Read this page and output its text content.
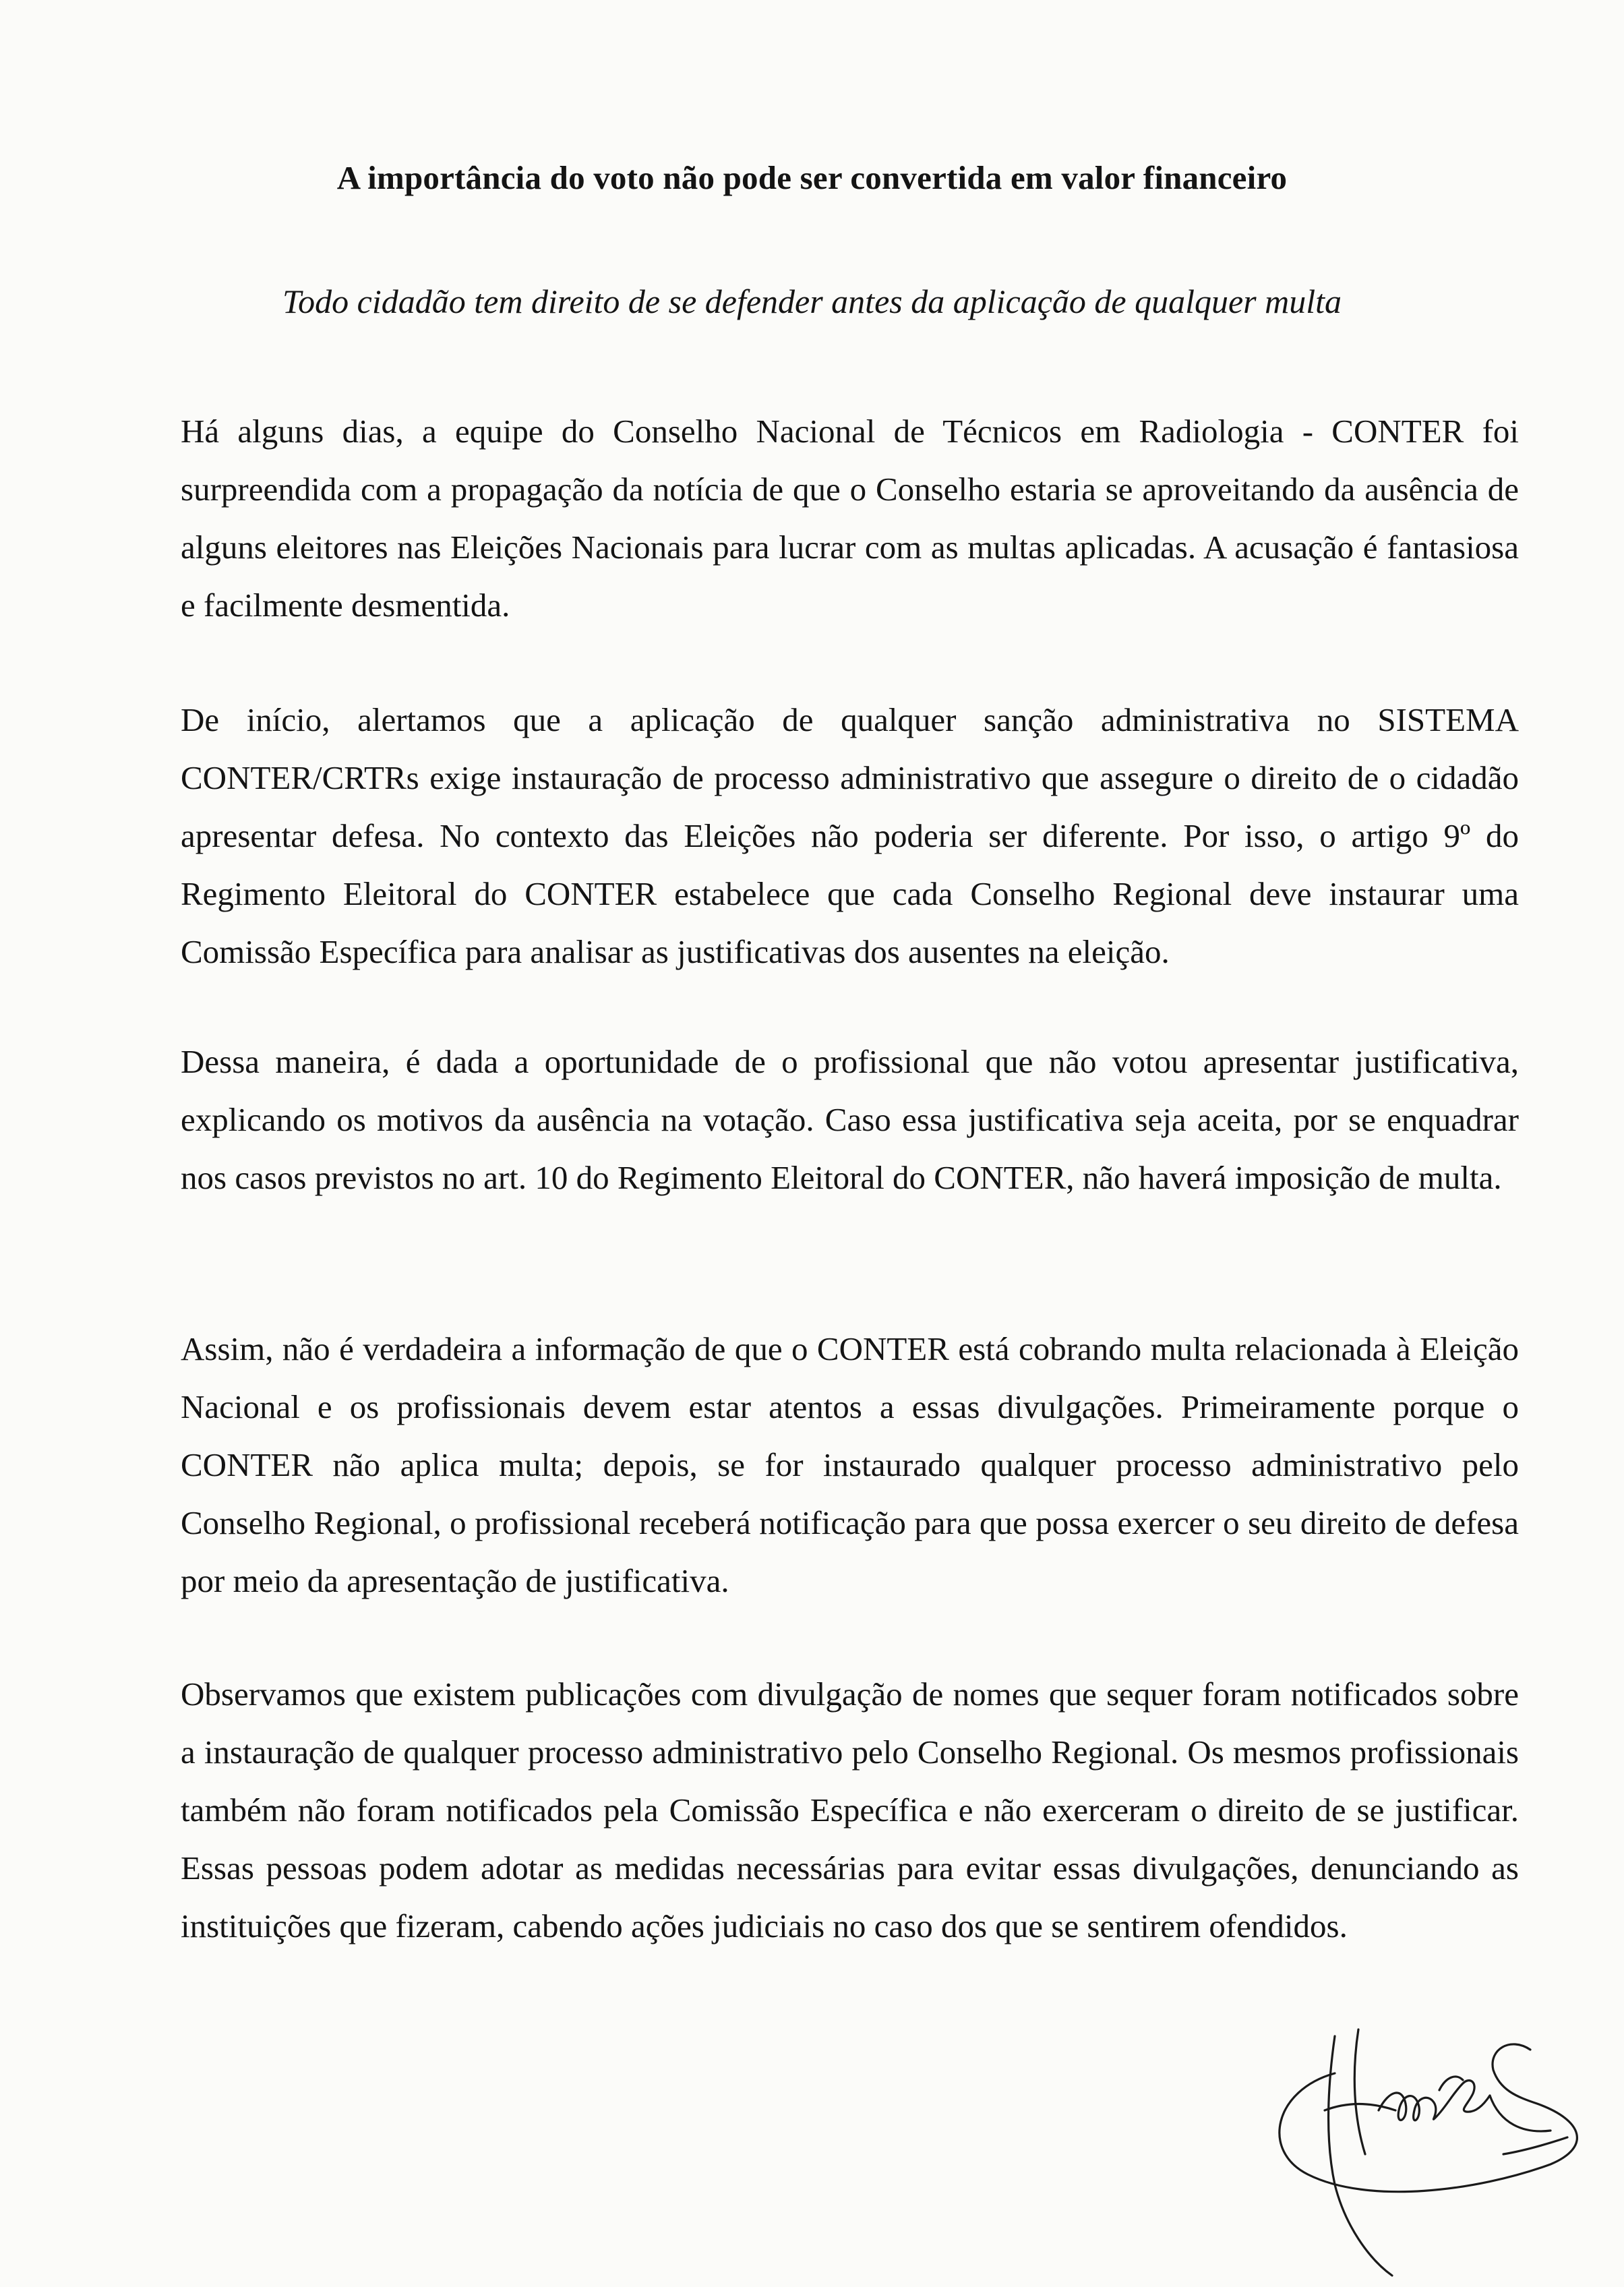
A importância do voto não pode ser convertida em valor financeiro
Todo cidadão tem direito de se defender antes da aplicação de qualquer multa

Há alguns dias, a equipe do Conselho Nacional de Técnicos em Radiologia - CONTER foi surpreendida com a propagação da notícia de que o Conselho estaria se aproveitando da ausência de alguns eleitores nas Eleições Nacionais para lucrar com as multas aplicadas. A acusação é fantasiosa e facilmente desmentida.

De início, alertamos que a aplicação de qualquer sanção administrativa no SISTEMA CONTER/CRTRs exige instauração de processo administrativo que assegure o direito de o cidadão apresentar defesa. No contexto das Eleições não poderia ser diferente. Por isso, o artigo 9º do Regimento Eleitoral do CONTER estabelece que cada Conselho Regional deve instaurar uma Comissão Específica para analisar as justificativas dos ausentes na eleição.

Dessa maneira, é dada a oportunidade de o profissional que não votou apresentar justificativa, explicando os motivos da ausência na votação. Caso essa justificativa seja aceita, por se enquadrar nos casos previstos no art. 10 do Regimento Eleitoral do CONTER, não haverá imposição de multa.

Assim, não é verdadeira a informação de que o CONTER está cobrando multa relacionada à Eleição Nacional e os profissionais devem estar atentos a essas divulgações. Primeiramente porque o CONTER não aplica multa; depois, se for instaurado qualquer processo administrativo pelo Conselho Regional, o profissional receberá notificação para que possa exercer o seu direito de defesa por meio da apresentação de justificativa.

Observamos que existem publicações com divulgação de nomes que sequer foram notificados sobre a instauração de qualquer processo administrativo pelo Conselho Regional. Os mesmos profissionais também não foram notificados pela Comissão Específica e não exerceram o direito de se justificar. Essas pessoas podem adotar as medidas necessárias para evitar essas divulgações, denunciando as instituições que fizeram, cabendo ações judiciais no caso dos que se sentirem ofendidos.
